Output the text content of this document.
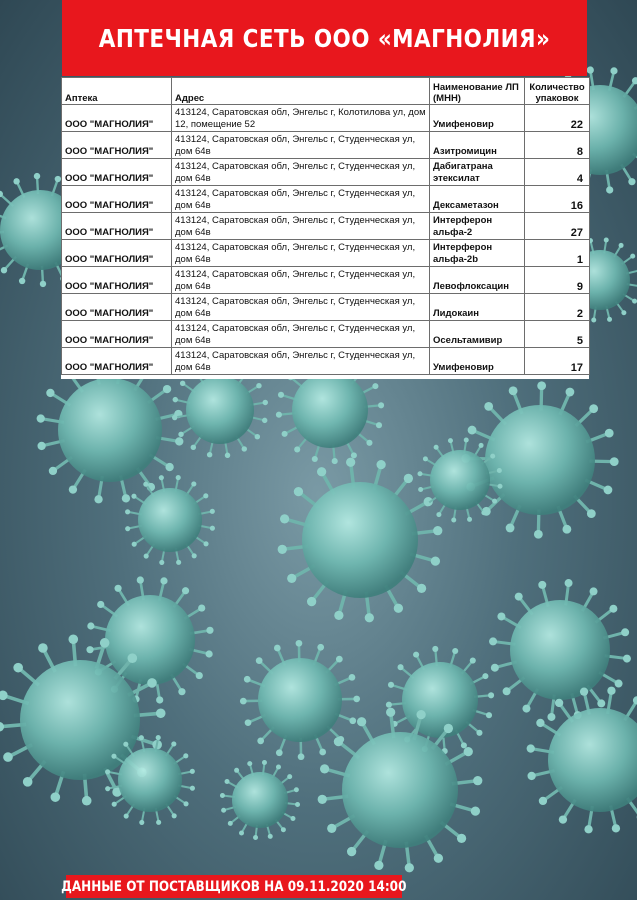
АПТЕЧНАЯ СЕТЬ ООО «МАГНОЛИЯ»
Аптека	Адрес	Наименование ЛП (МНН)	Количество упаковок
ООО "МАГНОЛИЯ"	413124, Саратовская обл, Энгельс г, Колотилова ул, дом 12, помещение 52	Умифеновир	22
ООО "МАГНОЛИЯ"	413124, Саратовская обл, Энгельс г, Студенческая ул, дом 64в	Азитромицин	8
ООО "МАГНОЛИЯ"	413124, Саратовская обл, Энгельс г, Студенческая ул, дом 64в	Дабигатрана этексилат	4
ООО "МАГНОЛИЯ"	413124, Саратовская обл, Энгельс г, Студенческая ул, дом 64в	Дексаметазон	16
ООО "МАГНОЛИЯ"	413124, Саратовская обл, Энгельс г, Студенческая ул, дом 64в	Интерферон альфа-2	27
ООО "МАГНОЛИЯ"	413124, Саратовская обл, Энгельс г, Студенческая ул, дом 64в	Интерферон альфа-2b	1
ООО "МАГНОЛИЯ"	413124, Саратовская обл, Энгельс г, Студенческая ул, дом 64в	Левофлоксацин	9
ООО "МАГНОЛИЯ"	413124, Саратовская обл, Энгельс г, Студенческая ул, дом 64в	Лидокаин	2
ООО "МАГНОЛИЯ"	413124, Саратовская обл, Энгельс г, Студенческая ул, дом 64в	Осельтамивир	5
ООО "МАГНОЛИЯ"	413124, Саратовская обл, Энгельс г, Студенческая ул, дом 64в	Умифеновир	17
ДАННЫЕ ОТ ПОСТАВЩИКОВ НА 09.11.2020 14:00
